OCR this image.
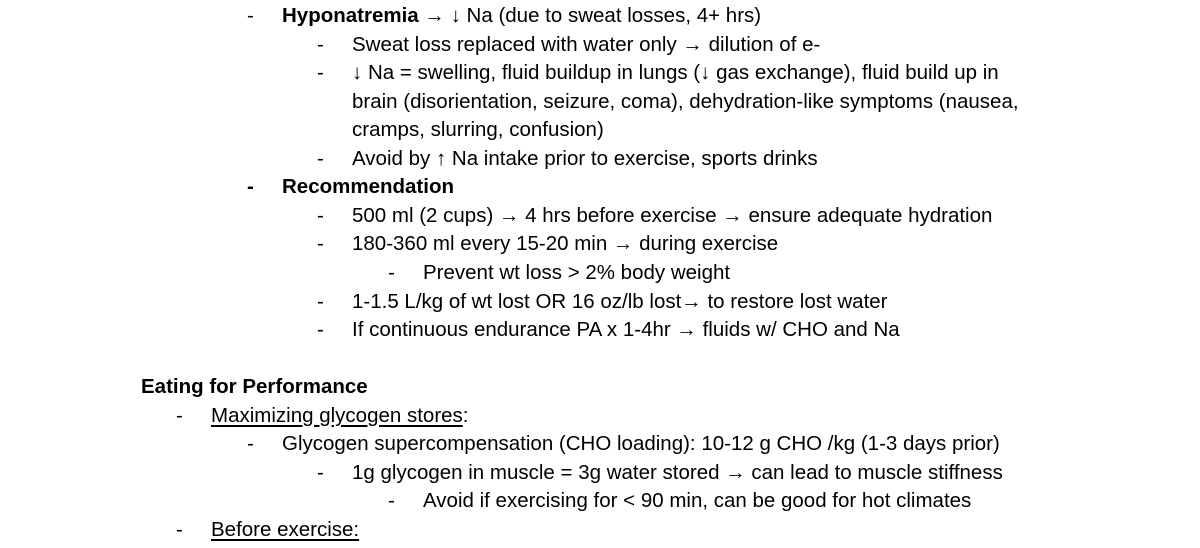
- Hyponatremia → ↓ Na (due to sweat losses, 4+ hrs)
- Sweat loss replaced with water only → dilution of e-
- ↓ Na = swelling, fluid buildup in lungs (↓ gas exchange), fluid build up in
brain (disorientation, seizure, coma), dehydration-like symptoms (nausea,
cramps, slurring, confusion)
- Avoid by ↑ Na intake prior to exercise, sports drinks
- Recommendation
- 500 ml (2 cups) → 4 hrs before exercise → ensure adequate hydration
- 180-360 ml every 15-20 min → during exercise
- Prevent wt loss > 2% body weight
- 1-1.5 L/kg of wt lost OR 16 oz/lb lost→ to restore lost water
- If continuous endurance PA x 1-4hr → fluids w/ CHO and Na
Eating for Performance
- Maximizing glycogen stores:
- Glycogen supercompensation (CHO loading): 10-12 g CHO /kg (1-3 days prior)
- 1g glycogen in muscle = 3g water stored → can lead to muscle stiffness
- Avoid if exercising for < 90 min, can be good for hot climates
- Before exercise:
